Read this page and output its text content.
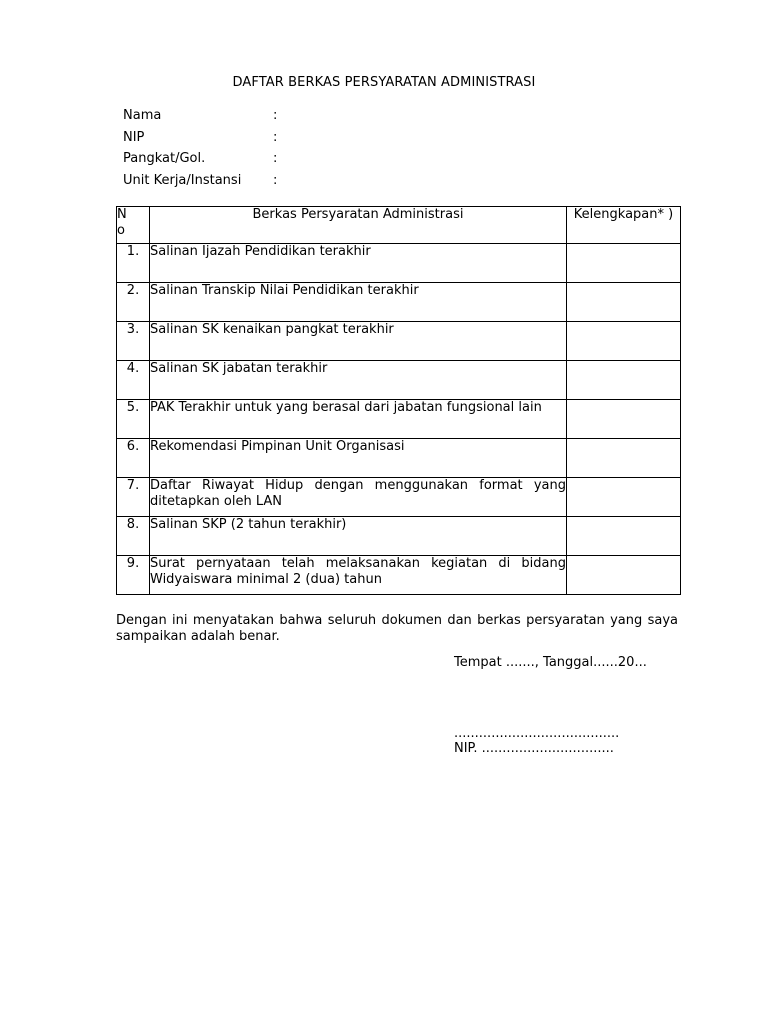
DAFTAR BERKAS PERSYARATAN ADMINISTRASI
Nama	:
NIP	:
Pangkat/Gol.	:
Unit Kerja/Instansi	:
N o	Berkas Persyaratan Administrasi	Kelengkapan* )
1.	Salinan Ijazah Pendidikan terakhir	
2.	Salinan Transkip Nilai Pendidikan terakhir	
3.	Salinan SK kenaikan pangkat terakhir	
4.	Salinan SK jabatan terakhir	
5.	PAK Terakhir untuk yang berasal dari jabatan fungsional lain	
6.	Rekomendasi Pimpinan Unit Organisasi	
7.	Daftar Riwayat Hidup dengan menggunakan format yang ditetapkan oleh LAN	
8.	Salinan SKP (2 tahun terakhir)	
9.	Surat pernyataan telah melaksanakan kegiatan di bidang Widyaiswara minimal 2 (dua) tahun	
Dengan ini menyatakan bahwa seluruh dokumen dan berkas persyaratan yang saya sampaikan adalah benar.
Tempat ......., Tanggal......20...
........................................
NIP. ................................
